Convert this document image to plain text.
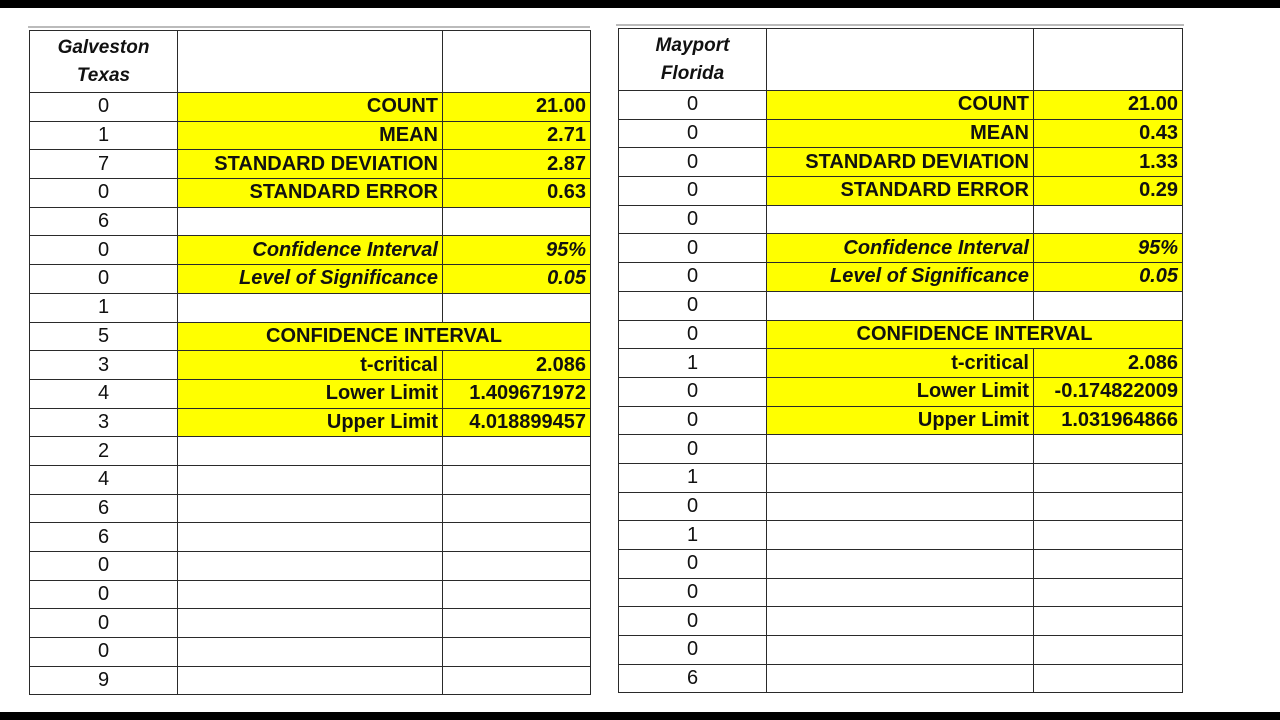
Galveston
Texas		
0	COUNT	21.00
1	MEAN	2.71
7	STANDARD DEVIATION	2.87
0	STANDARD ERROR	0.63
6		
0	Confidence Interval	95%
0	Level of Significance	0.05
1		
5	CONFIDENCE INTERVAL	
3	t-critical	2.086
4	Lower Limit	1.409671972
3	Upper Limit	4.018899457
2		
4		
6		
6		
0		
0		
0		
0		
9		
Mayport
Florida		
0	COUNT	21.00
0	MEAN	0.43
0	STANDARD DEVIATION	1.33
0	STANDARD ERROR	0.29
0		
0	Confidence Interval	95%
0	Level of Significance	0.05
0		
0	CONFIDENCE INTERVAL	
1	t-critical	2.086
0	Lower Limit	-0.174822009
0	Upper Limit	1.031964866
0		
1		
0		
1		
0		
0		
0		
0		
6		
